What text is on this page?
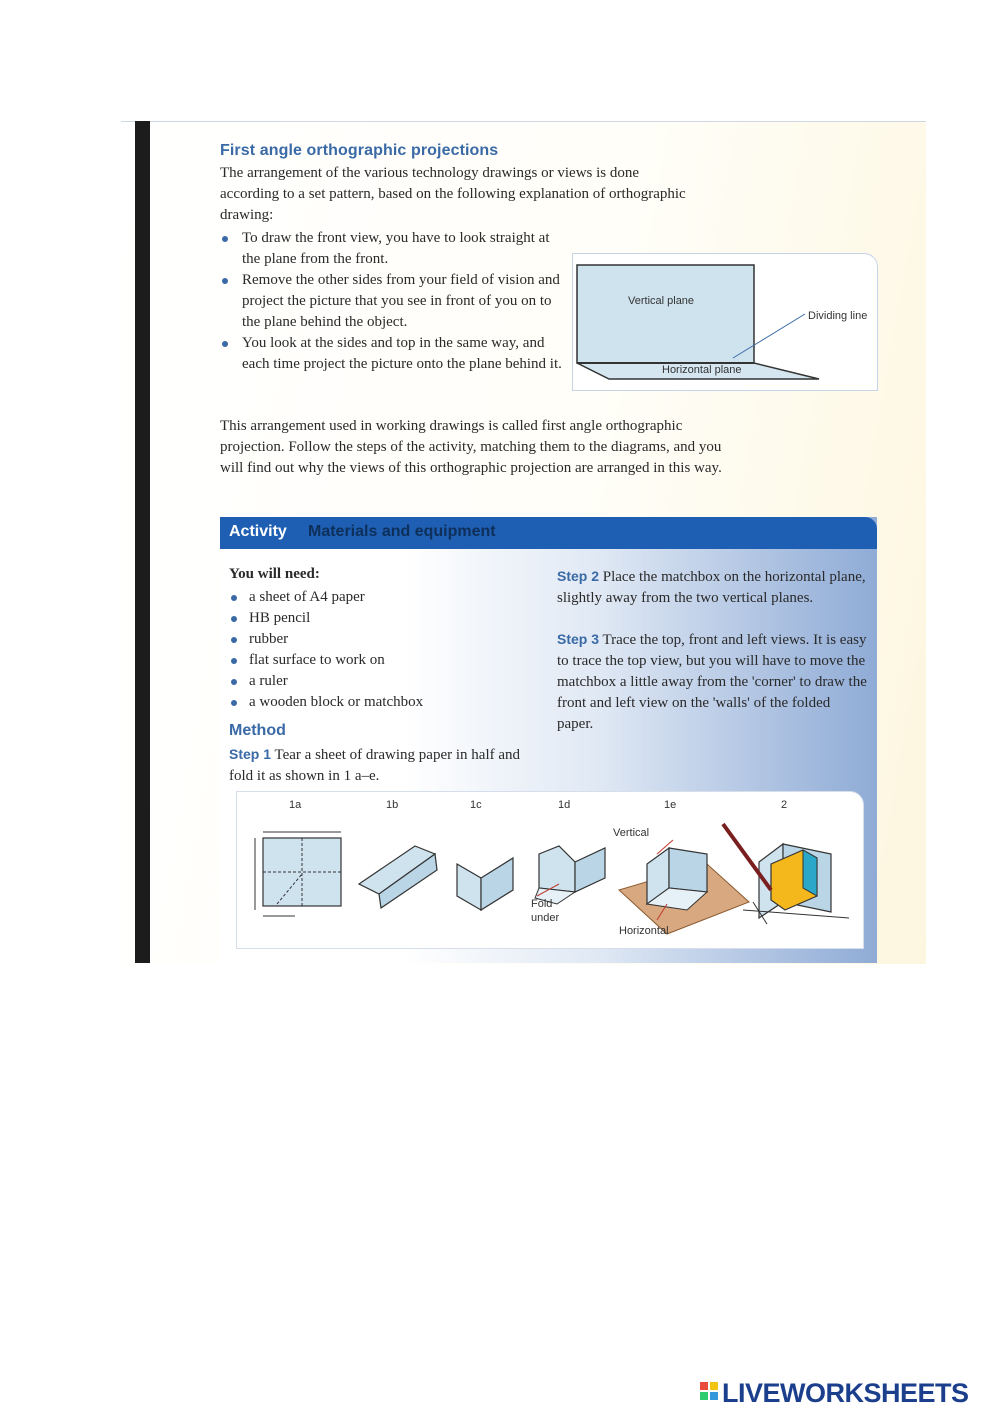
First angle orthographic projections
The arrangement of the various technology drawings or views is done according to a set pattern, based on the following explanation of orthographic drawing:
To draw the front view, you have to look straight at the plane from the front.
Remove the other sides from your field of vision and project the picture that you see in front of you on to the plane behind the object.
You look at the sides and top in the same way, and each time project the picture onto the plane behind it.
Vertical plane
Horizontal plane
Dividing line
This arrangement used in working drawings is called first angle orthographic projection. Follow the steps of the activity, matching them to the diagrams, and you will find out why the views of this orthographic projection are arranged in this way.
Activity Materials and equipment
You will need:
a sheet of A4 paper
HB pencil
rubber
flat surface to work on
a ruler
a wooden block or matchbox
Method
Step 1 Tear a sheet of drawing paper in half and fold it as shown in 1 a–e.
Step 2 Place the matchbox on the horizontal plane, slightly away from the two vertical planes.
Step 3 Trace the top, front and left views. It is easy to trace the top view, but you will have to move the matchbox a little away from the 'corner' to draw the front and left view on the 'walls' of the folded paper.
1a	1b	1c	1d	1e	2
Fold
under
Vertical
Horizontal
LIVEWORKSHEETS
